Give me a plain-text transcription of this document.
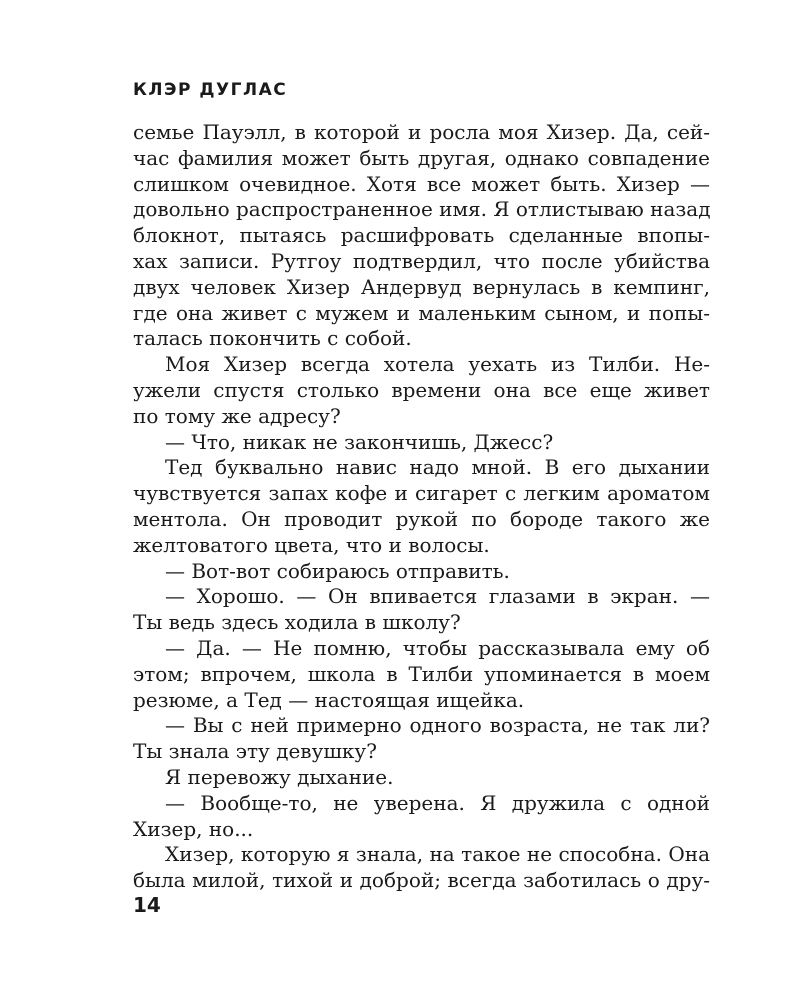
КЛЭР ДУГЛАС
семье Пауэлл, в которой и росла моя Хизер. Да, сей-
час фамилия может быть другая, однако совпадение
слишком очевидное. Хотя все может быть. Хизер —
довольно распространенное имя. Я отлистываю назад
блокнот, пытаясь расшифровать сделанные впопы-
хах записи. Рутгоу подтвердил, что после убийства
двух человек Хизер Андервуд вернулась в кемпинг,
где она живет с мужем и маленьким сыном, и попы-
талась покончить с собой.
Моя Хизер всегда хотела уехать из Тилби. Не-
ужели спустя столько времени она все еще живет
по тому же адресу?
— Что, никак не закончишь, Джесс?
Тед буквально навис надо мной. В его дыхании
чувствуется запах кофе и сигарет с легким ароматом
ментола. Он проводит рукой по бороде такого же
желтоватого цвета, что и волосы.
— Вот-вот собираюсь отправить.
— Хорошо. — Он впивается глазами в экран. —
Ты ведь здесь ходила в школу?
— Да. — Не помню, чтобы рассказывала ему об
этом; впрочем, школа в Тилби упоминается в моем
резюме, а Тед — настоящая ищейка.
— Вы с ней примерно одного возраста, не так ли?
Ты знала эту девушку?
Я перевожу дыхание.
— Вообще-то, не уверена. Я дружила с одной
Хизер, но...
Хизер, которую я знала, на такое не способна. Она
была милой, тихой и доброй; всегда заботилась о дру-
14
